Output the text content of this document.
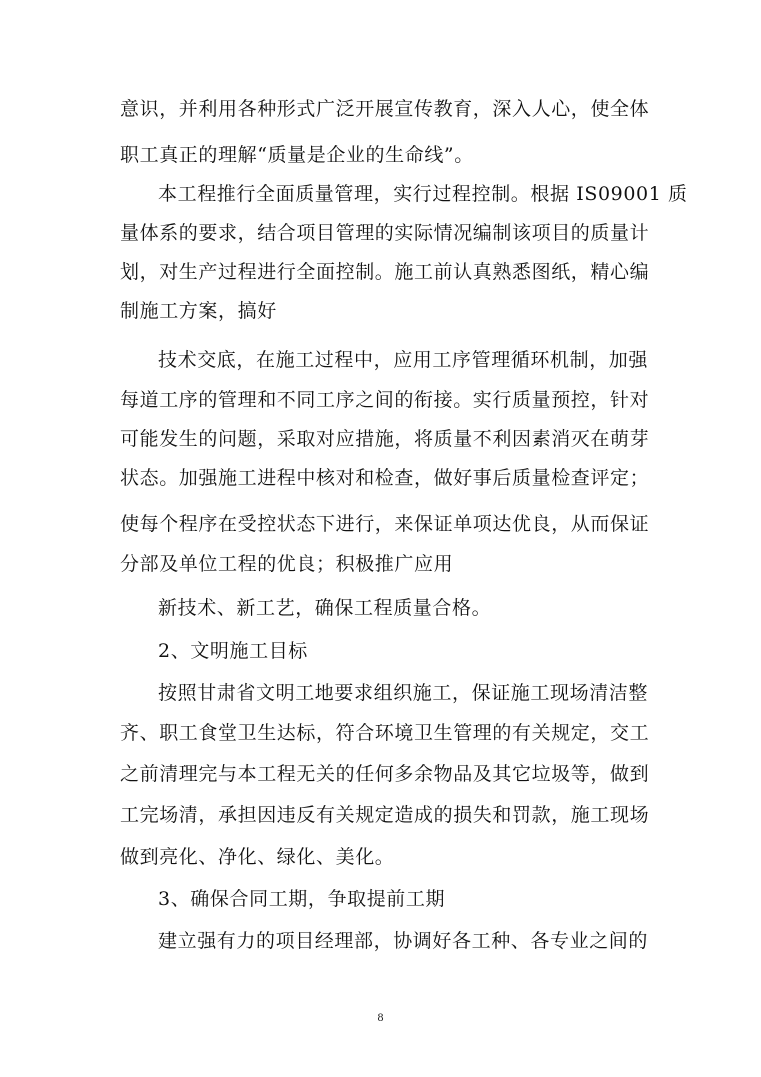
意识，并利用各种形式广泛开展宣传教育，深入人心，使全体
职工真正的理解“质量是企业的生命线”。
本工程推行全面质量管理，实行过程控制。根据 IS09001 质
量体系的要求，结合项目管理的实际情况编制该项目的质量计
划，对生产过程进行全面控制。施工前认真熟悉图纸，精心编
制施工方案，搞好
技术交底，在施工过程中，应用工序管理循环机制，加强
每道工序的管理和不同工序之间的衔接。实行质量预控，针对
可能发生的问题，采取对应措施，将质量不利因素消灭在萌芽
状态。加强施工进程中核对和检查，做好事后质量检查评定；
使每个程序在受控状态下进行，来保证单项达优良，从而保证
分部及单位工程的优良；积极推广应用
新技术、新工艺，确保工程质量合格。
2、文明施工目标
按照甘肃省文明工地要求组织施工，保证施工现场清洁整
齐、职工食堂卫生达标，符合环境卫生管理的有关规定，交工
之前清理完与本工程无关的任何多余物品及其它垃圾等，做到
工完场清，承担因违反有关规定造成的损失和罚款，施工现场
做到亮化、净化、绿化、美化。
3、确保合同工期，争取提前工期
建立强有力的项目经理部，协调好各工种、各专业之间的
8
